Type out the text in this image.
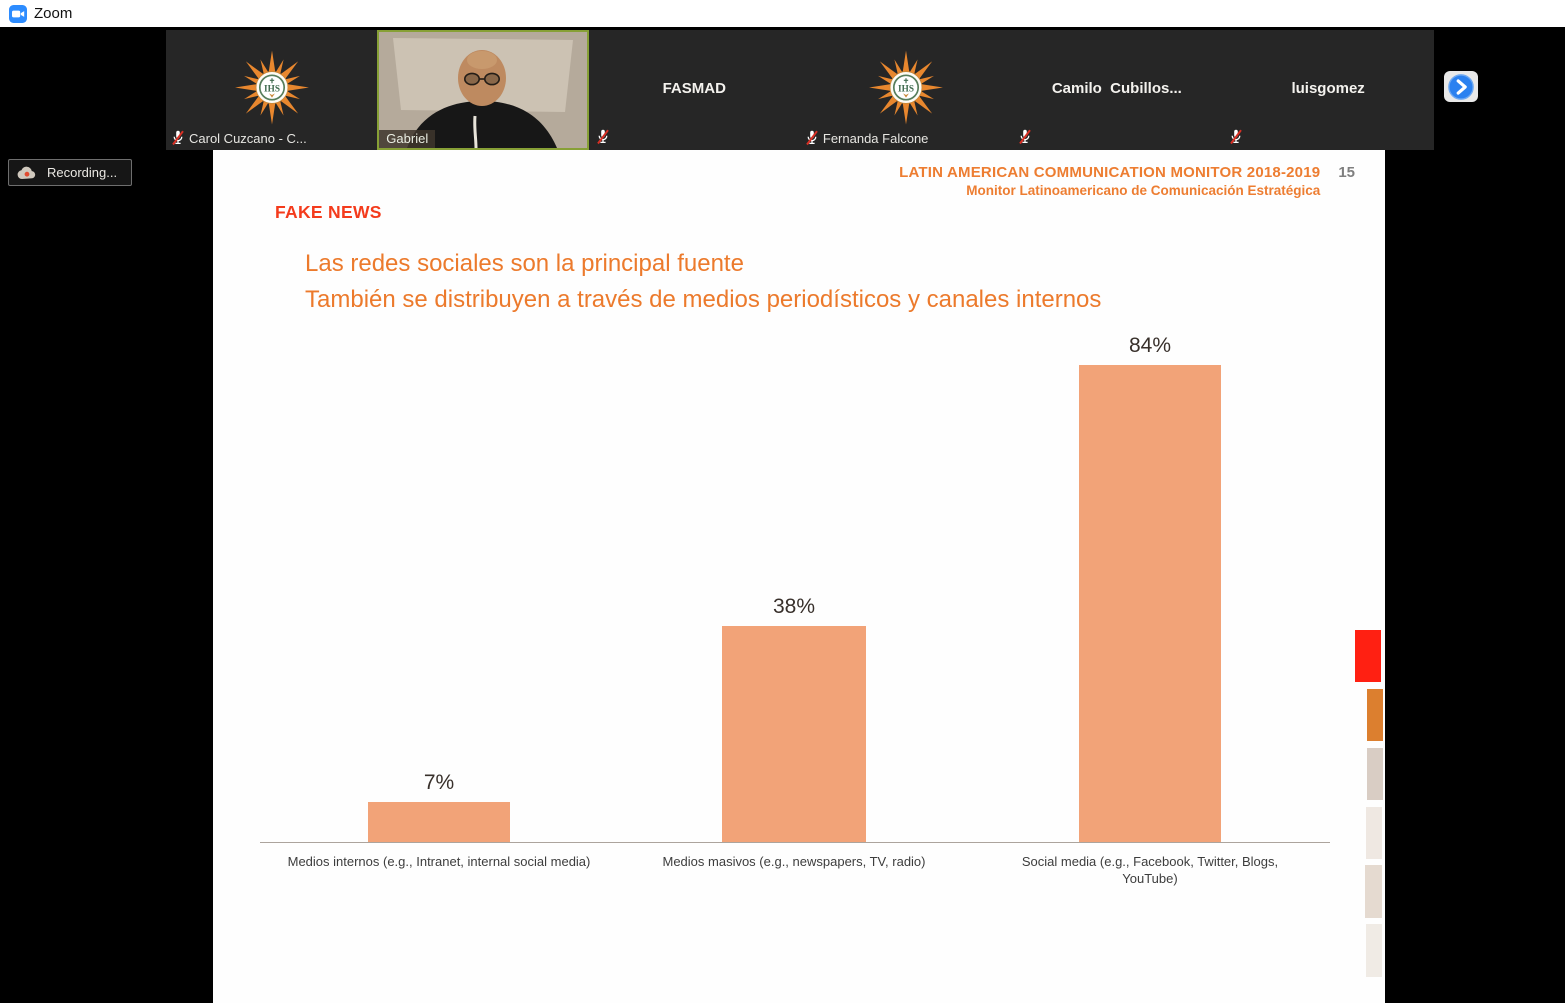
Zoom
IHS
Carol Cuzcano - C...	Gabriel
FASMAD	IHS
Fernanda Falcone
Camilo  Cubillos...	luisgomez
Recording...	LATIN AMERICAN COMMUNICATION MONITOR 2018-2019
Monitor Latinoamericano de Comunicación Estratégica
15
FAKE NEWS
Las redes sociales son la principal fuente
También se distribuyen a través de medios periodísticos y canales internos
7%
38%
84%
Medios internos (e.g., Intranet, internal social media)	Medios masivos (e.g., newspapers, TV, radio)	Social media (e.g., Facebook, Twitter, Blogs, YouTube)
